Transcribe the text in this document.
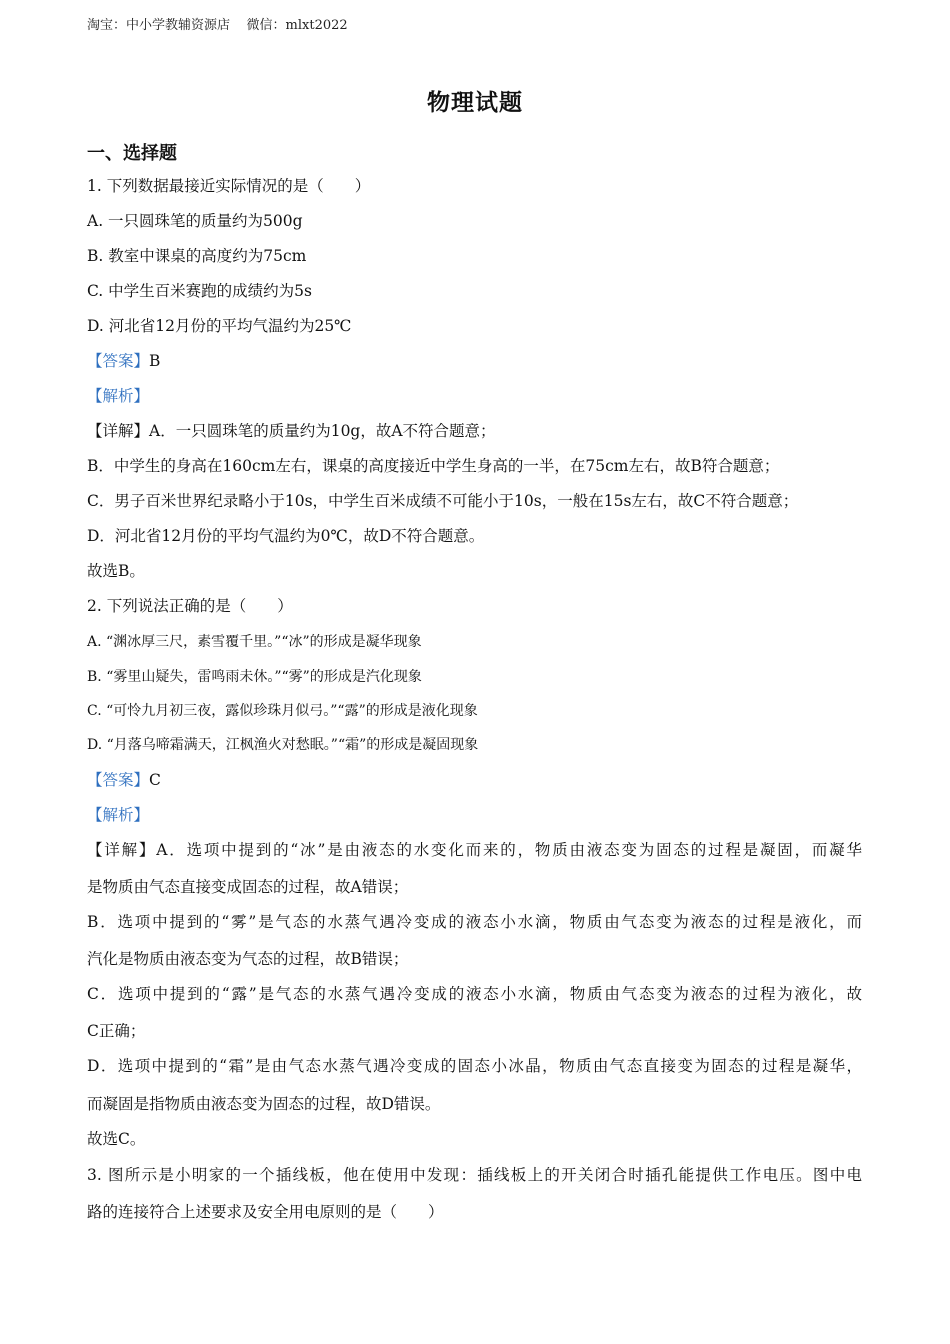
淘宝：中小学教辅资源店    微信：mlxt2022
物理试题
一、选择题
1. 下列数据最接近实际情况的是（　　）
A. 一只圆珠笔的质量约为500g
B. 教室中课桌的高度约为75cm
C. 中学生百米赛跑的成绩约为5s
D. 河北省12月份的平均气温约为25℃
【答案】B
【解析】
【详解】A．一只圆珠笔的质量约为10g，故A不符合题意；
B．中学生的身高在160cm左右，课桌的高度接近中学生身高的一半，在75cm左右，故B符合题意；
C．男子百米世界纪录略小于10s，中学生百米成绩不可能小于10s，一般在15s左右，故C不符合题意；
D．河北省12月份的平均气温约为0℃，故D不符合题意。
故选B。
2. 下列说法正确的是（　　）
A. “渊冰厚三尺，素雪覆千里。”“冰”的形成是凝华现象
B. “雾里山疑失，雷鸣雨未休。”“雾”的形成是汽化现象
C. “可怜九月初三夜，露似珍珠月似弓。”“露”的形成是液化现象
D. “月落乌啼霜满天，江枫渔火对愁眠。”“霜”的形成是凝固现象
【答案】C
【解析】
【详解】A．选项中提到的“冰”是由液态的水变化而来的，物质由液态变为固态的过程是凝固，而凝华
是物质由气态直接变成固态的过程，故A错误；
B．选项中提到的“雾”是气态的水蒸气遇冷变成的液态小水滴，物质由气态变为液态的过程是液化，而
汽化是物质由液态变为气态的过程，故B错误；
C．选项中提到的“露”是气态的水蒸气遇冷变成的液态小水滴，物质由气态变为液态的过程为液化，故
C正确；
D．选项中提到的“霜”是由气态水蒸气遇冷变成的固态小冰晶，物质由气态直接变为固态的过程是凝华，
而凝固是指物质由液态变为固态的过程，故D错误。
故选C。
3. 图所示是小明家的一个插线板，他在使用中发现：插线板上的开关闭合时插孔能提供工作电压。图中电
路的连接符合上述要求及安全用电原则的是（　　）
